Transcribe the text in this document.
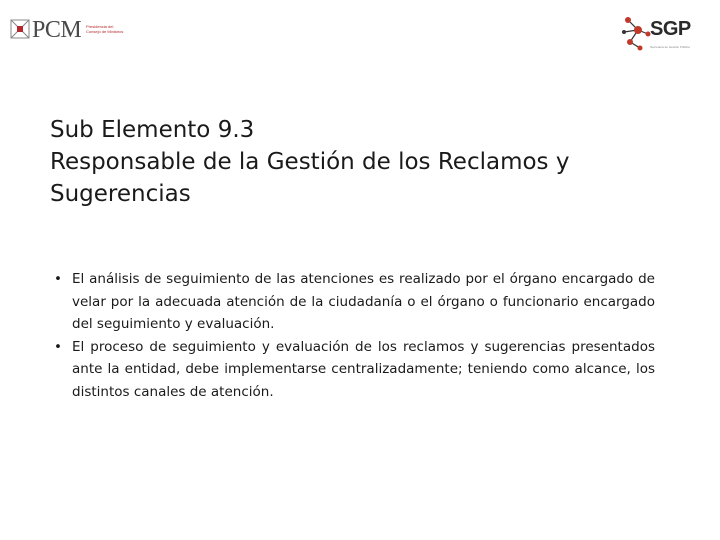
PCM Presidencia del Consejo de Ministros	SGP
Secretaría de Gestión Pública
Sub Elemento 9.3
Responsable de la Gestión de los Reclamos y
Sugerencias
• El análisis de seguimiento de las atenciones es realizado por el órgano encargado de velar por la adecuada atención de la ciudadanía o el órgano o funcionario encargado del seguimiento y evaluación.
• El proceso de seguimiento y evaluación de los reclamos y sugerencias presentados ante la entidad, debe implementarse centralizadamente; teniendo como alcance, los distintos canales de atención.
